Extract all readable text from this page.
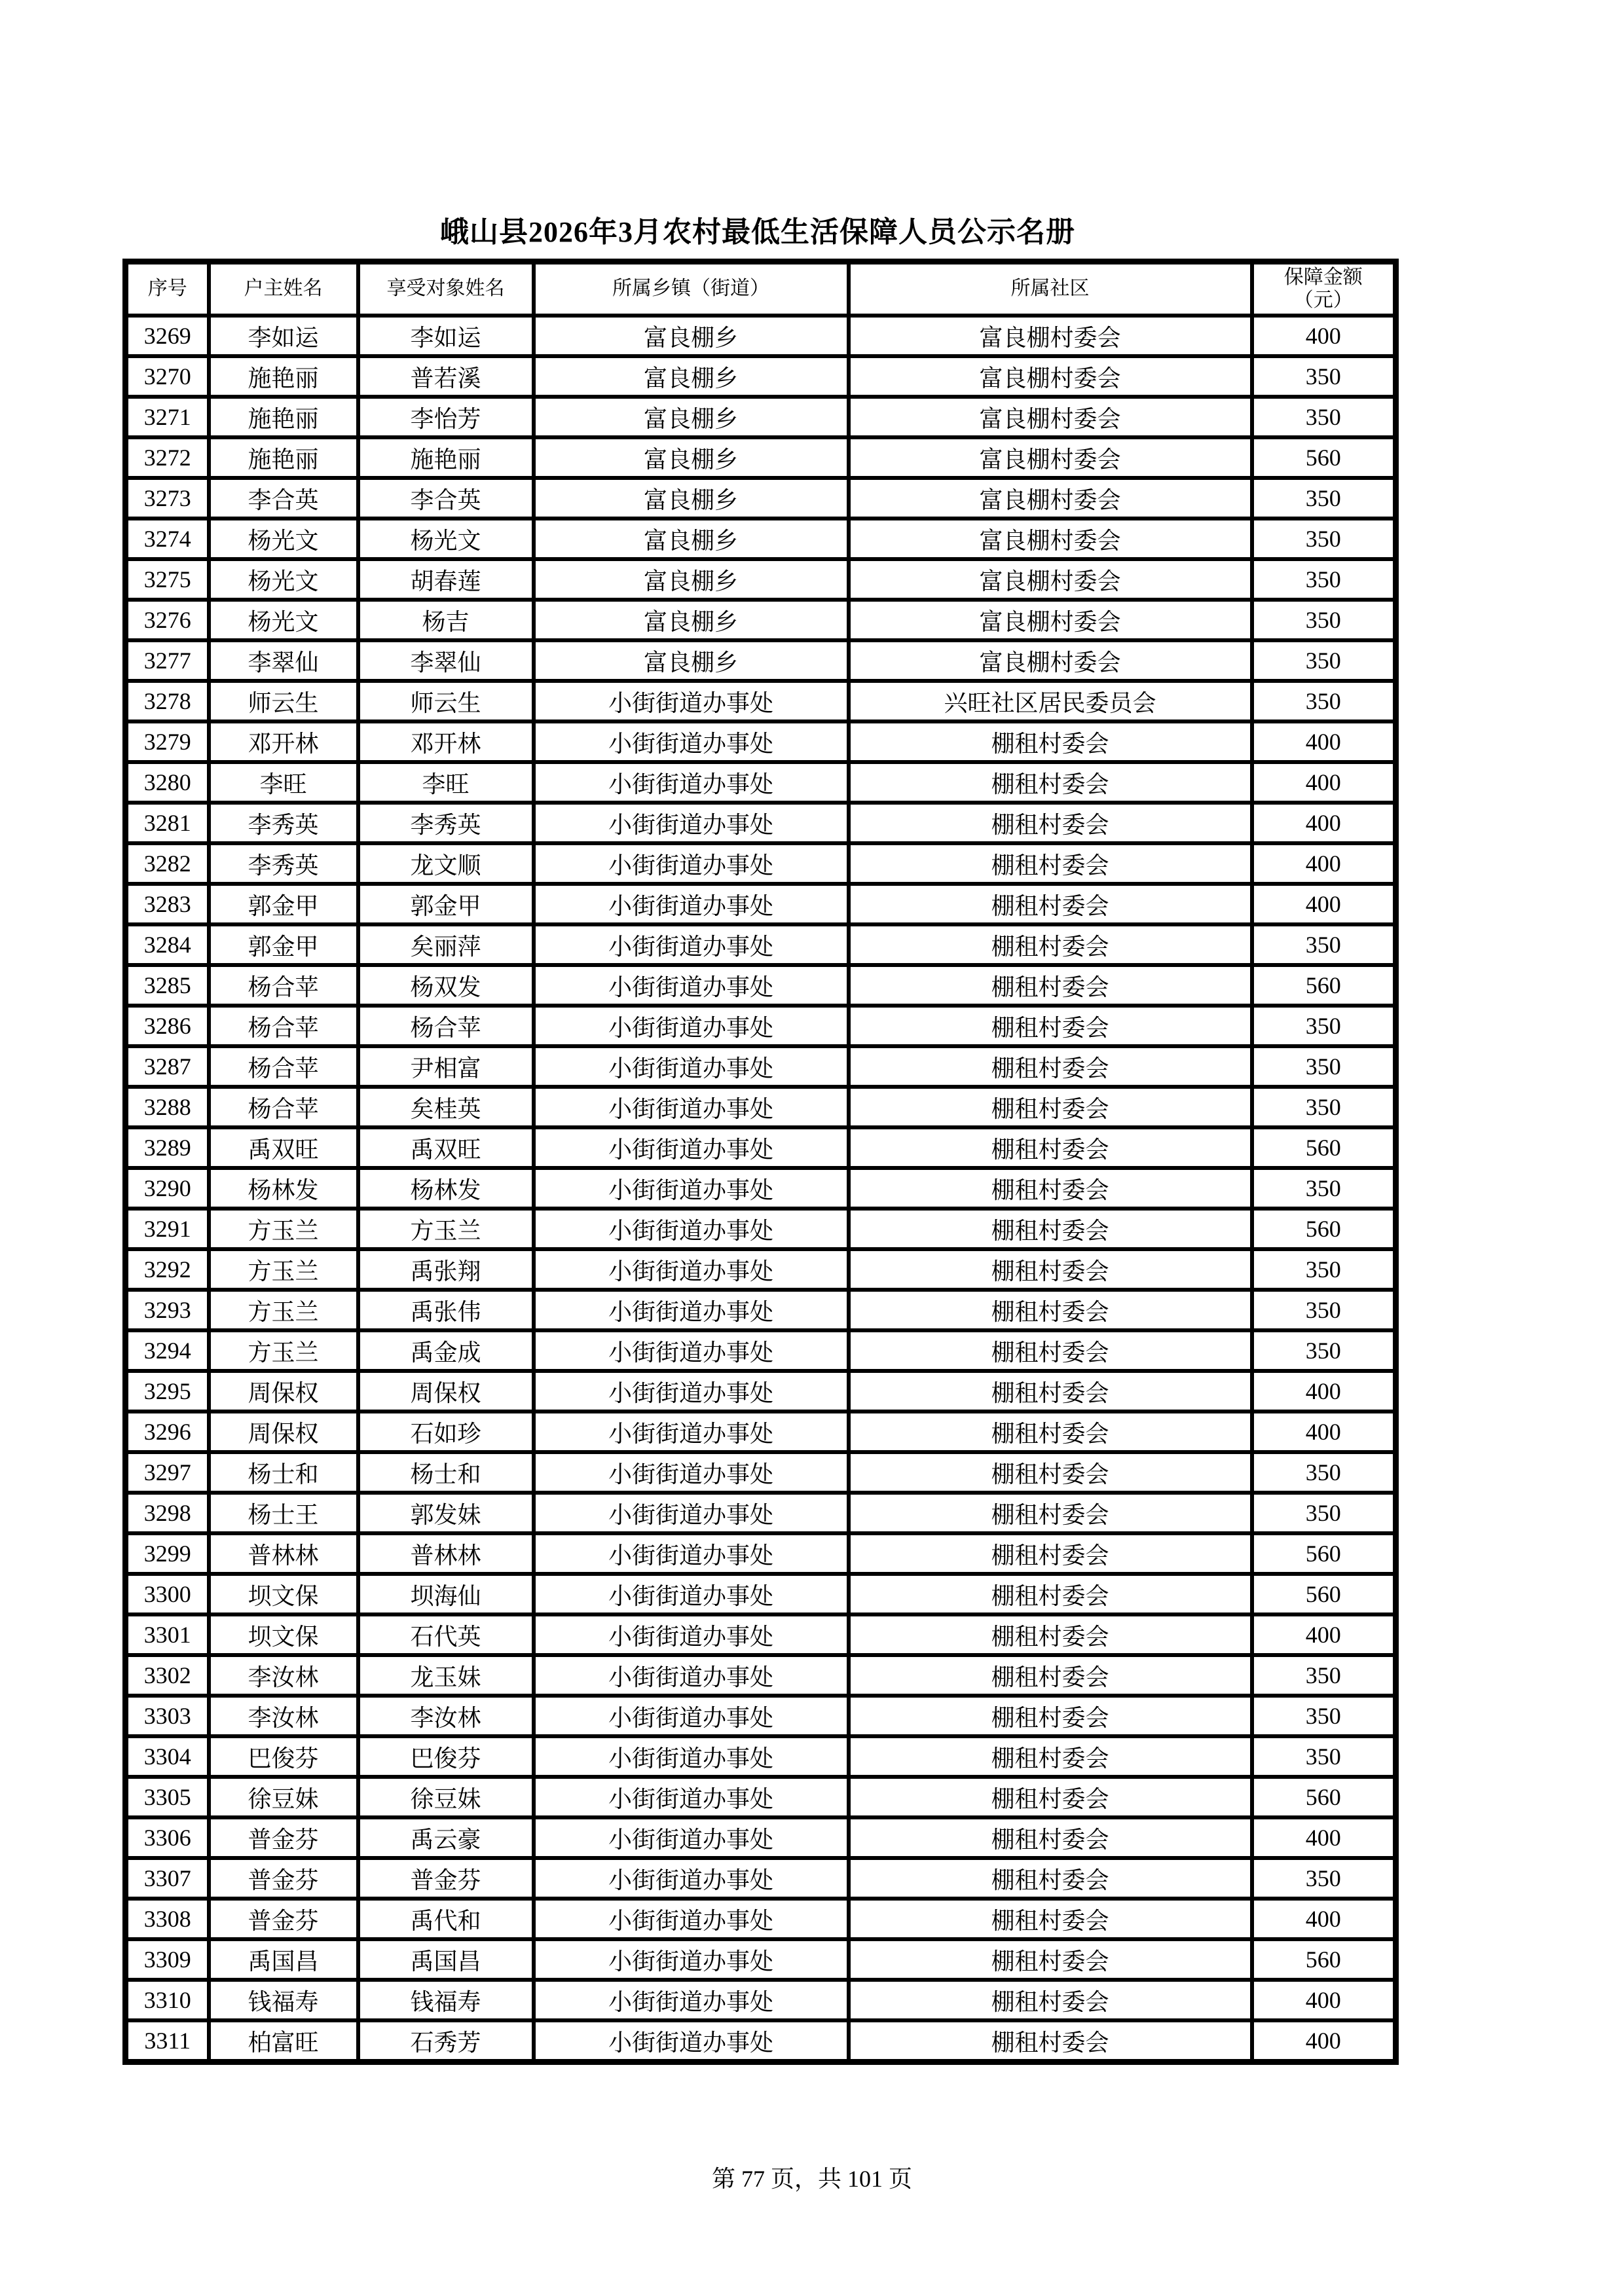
峨山县2026年3月农村最低生活保障人员公示名册
序号	户主姓名	享受对象姓名	所属乡镇（街道）	所属社区	保障金额
（元）

3269	李如运	李如运	富良棚乡	富良棚村委会	400
3270	施艳丽	普若溪	富良棚乡	富良棚村委会	350
3271	施艳丽	李怡芳	富良棚乡	富良棚村委会	350
3272	施艳丽	施艳丽	富良棚乡	富良棚村委会	560
3273	李合英	李合英	富良棚乡	富良棚村委会	350
3274	杨光文	杨光文	富良棚乡	富良棚村委会	350
3275	杨光文	胡春莲	富良棚乡	富良棚村委会	350
3276	杨光文	杨吉	富良棚乡	富良棚村委会	350
3277	李翠仙	李翠仙	富良棚乡	富良棚村委会	350
3278	师云生	师云生	小街街道办事处	兴旺社区居民委员会	350
3279	邓开林	邓开林	小街街道办事处	棚租村委会	400
3280	李旺	李旺	小街街道办事处	棚租村委会	400
3281	李秀英	李秀英	小街街道办事处	棚租村委会	400
3282	李秀英	龙文顺	小街街道办事处	棚租村委会	400
3283	郭金甲	郭金甲	小街街道办事处	棚租村委会	400
3284	郭金甲	矣丽萍	小街街道办事处	棚租村委会	350
3285	杨合苹	杨双发	小街街道办事处	棚租村委会	560
3286	杨合苹	杨合苹	小街街道办事处	棚租村委会	350
3287	杨合苹	尹相富	小街街道办事处	棚租村委会	350
3288	杨合苹	矣桂英	小街街道办事处	棚租村委会	350
3289	禹双旺	禹双旺	小街街道办事处	棚租村委会	560
3290	杨林发	杨林发	小街街道办事处	棚租村委会	350
3291	方玉兰	方玉兰	小街街道办事处	棚租村委会	560
3292	方玉兰	禹张翔	小街街道办事处	棚租村委会	350
3293	方玉兰	禹张伟	小街街道办事处	棚租村委会	350
3294	方玉兰	禹金成	小街街道办事处	棚租村委会	350
3295	周保权	周保权	小街街道办事处	棚租村委会	400
3296	周保权	石如珍	小街街道办事处	棚租村委会	400
3297	杨士和	杨士和	小街街道办事处	棚租村委会	350
3298	杨士王	郭发妹	小街街道办事处	棚租村委会	350
3299	普林林	普林林	小街街道办事处	棚租村委会	560
3300	坝文保	坝海仙	小街街道办事处	棚租村委会	560
3301	坝文保	石代英	小街街道办事处	棚租村委会	400
3302	李汝林	龙玉妹	小街街道办事处	棚租村委会	350
3303	李汝林	李汝林	小街街道办事处	棚租村委会	350
3304	巴俊芬	巴俊芬	小街街道办事处	棚租村委会	350
3305	徐豆妹	徐豆妹	小街街道办事处	棚租村委会	560
3306	普金芬	禹云豪	小街街道办事处	棚租村委会	400
3307	普金芬	普金芬	小街街道办事处	棚租村委会	350
3308	普金芬	禹代和	小街街道办事处	棚租村委会	400
3309	禹国昌	禹国昌	小街街道办事处	棚租村委会	560
3310	钱福寿	钱福寿	小街街道办事处	棚租村委会	400
3311	柏富旺	石秀芳	小街街道办事处	棚租村委会	400
第 77 页，共 101 页
